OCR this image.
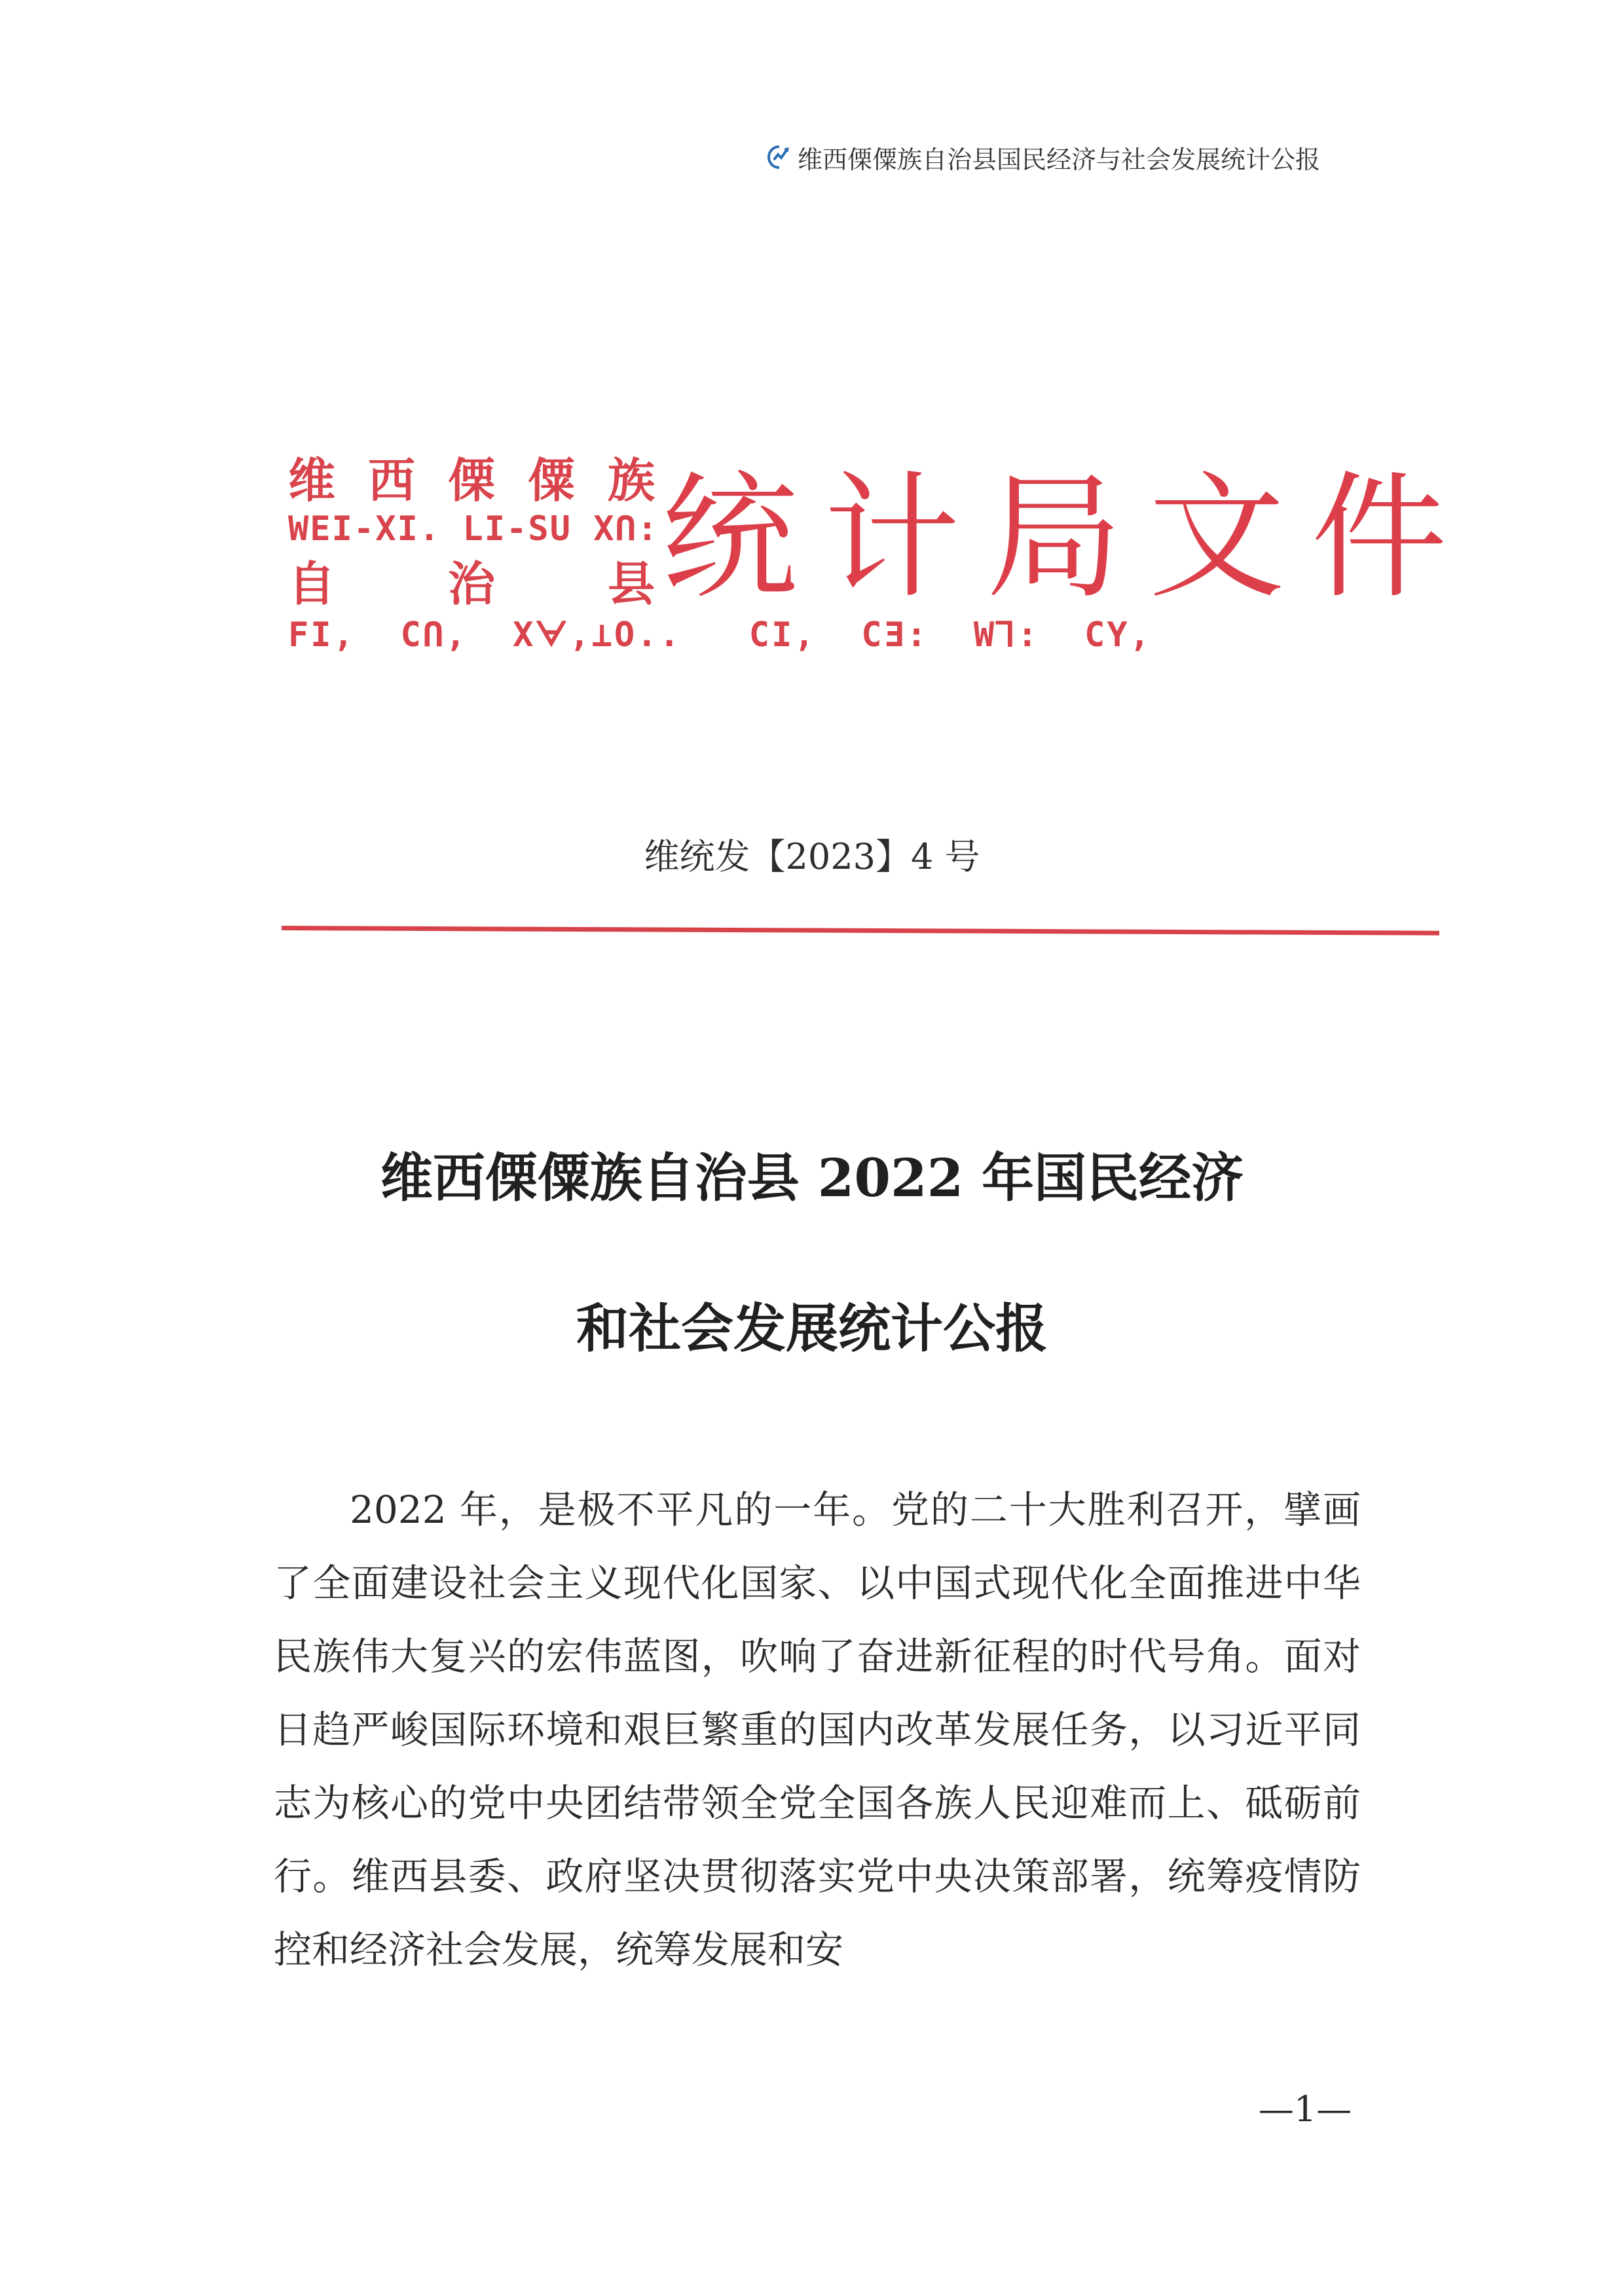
维西傈僳族自治县国民经济与社会发展统计公报
维 西 傈 僳 族
WEI-XI. LI-SU XՈ:
自 治 县
FI,  CՈ,  Xᗄ,⊥O..   CI,  CƎ:  W⅂:  CY,
统 计 局 文 件
维统发【2023】4 号
维西傈僳族自治县 2022 年国民经济
和社会发展统计公报

2022 年，是极不平凡的一年。党的二十大胜利召开，擘画了全面建设社会主义现代化国家、以中国式现代化全面推进中华民族伟大复兴的宏伟蓝图，吹响了奋进新征程的时代号角。面对日趋严峻国际环境和艰巨繁重的国内改革发展任务，以习近平同志为核心的党中央团结带领全党全国各族人民迎难而上、砥砺前行。维西县委、政府坚决贯彻落实党中央决策部署，统筹疫情防控和经济社会发展，统筹发展和安

—1—
